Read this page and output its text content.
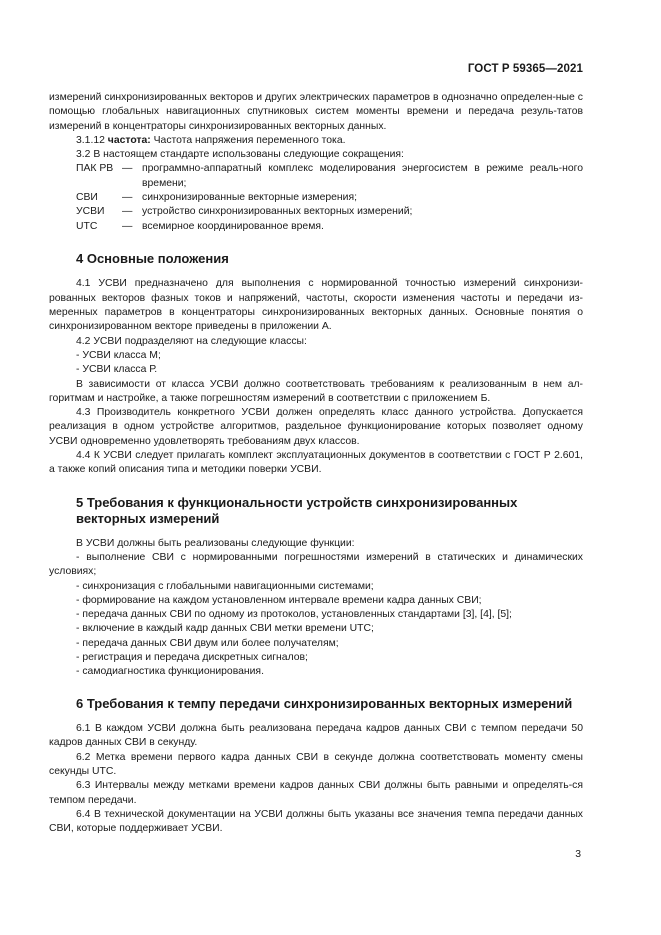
ГОСТ Р 59365—2021

измерений синхронизированных векторов и других электрических параметров в однозначно определен-ные с помощью глобальных навигационных спутниковых систем моменты времени и передача резуль-татов измерений в концентраторы синхронизированных векторных данных.

3.1.12 частота: Частота напряжения переменного тока.

3.2 В настоящем стандарте использованы следующие сокращения:

ПАК РВ — программно-аппаратный комплекс моделирования энергосистем в режиме реаль-ного времени;
СВИ	— синхронизированные векторные измерения;
УСВИ	— устройство синхронизированных векторных измерений;
UTC	— всемирное координированное время.
4 Основные положения

4.1 УСВИ предназначено для выполнения с нормированной точностью измерений синхронизи-рованных векторов фазных токов и напряжений, частоты, скорости изменения частоты и передачи из-меренных параметров в концентраторы синхронизированных векторных данных. Основные понятия о синхронизированном векторе приведены в приложении А.

4.2 УСВИ подразделяют на следующие классы:

- УСВИ класса М;

- УСВИ класса Р.

В зависимости от класса УСВИ должно соответствовать требованиям к реализованным в нем ал-горитмам и настройке, а также погрешностям измерений в соответствии с приложением Б.

4.3 Производитель конкретного УСВИ должен определять класс данного устройства. Допускается реализация в одном устройстве алгоритмов, раздельное функционирование которых позволяет одному УСВИ одновременно удовлетворять требованиям двух классов.

4.4 К УСВИ следует прилагать комплект эксплуатационных документов в соответствии с ГОСТ Р 2.601, а также копий описания типа и методики поверки УСВИ.

5 Требования к функциональности устройств синхронизированных
векторных измерений

В УСВИ должны быть реализованы следующие функции:

- выполнение СВИ с нормированными погрешностями измерений в статических и динамических условиях;

- синхронизация с глобальными навигационными системами;

- формирование на каждом установленном интервале времени кадра данных СВИ;

- передача данных СВИ по одному из протоколов, установленных стандартами [3], [4], [5];

- включение в каждый кадр данных СВИ метки времени UTC;

- передача данных СВИ двум или более получателям;

- регистрация и передача дискретных сигналов;

- самодиагностика функционирования.

6 Требования к темпу передачи синхронизированных векторных измерений

6.1 В каждом УСВИ должна быть реализована передача кадров данных СВИ с темпом передачи 50 кадров данных СВИ в секунду.

6.2 Метка времени первого кадра данных СВИ в секунде должна соответствовать моменту смены секунды UTC.

6.3 Интервалы между метками времени кадров данных СВИ должны быть равными и определять-ся темпом передачи.

6.4 В технической документации на УСВИ должны быть указаны все значения темпа передачи данных СВИ, которые поддерживает УСВИ.

3
